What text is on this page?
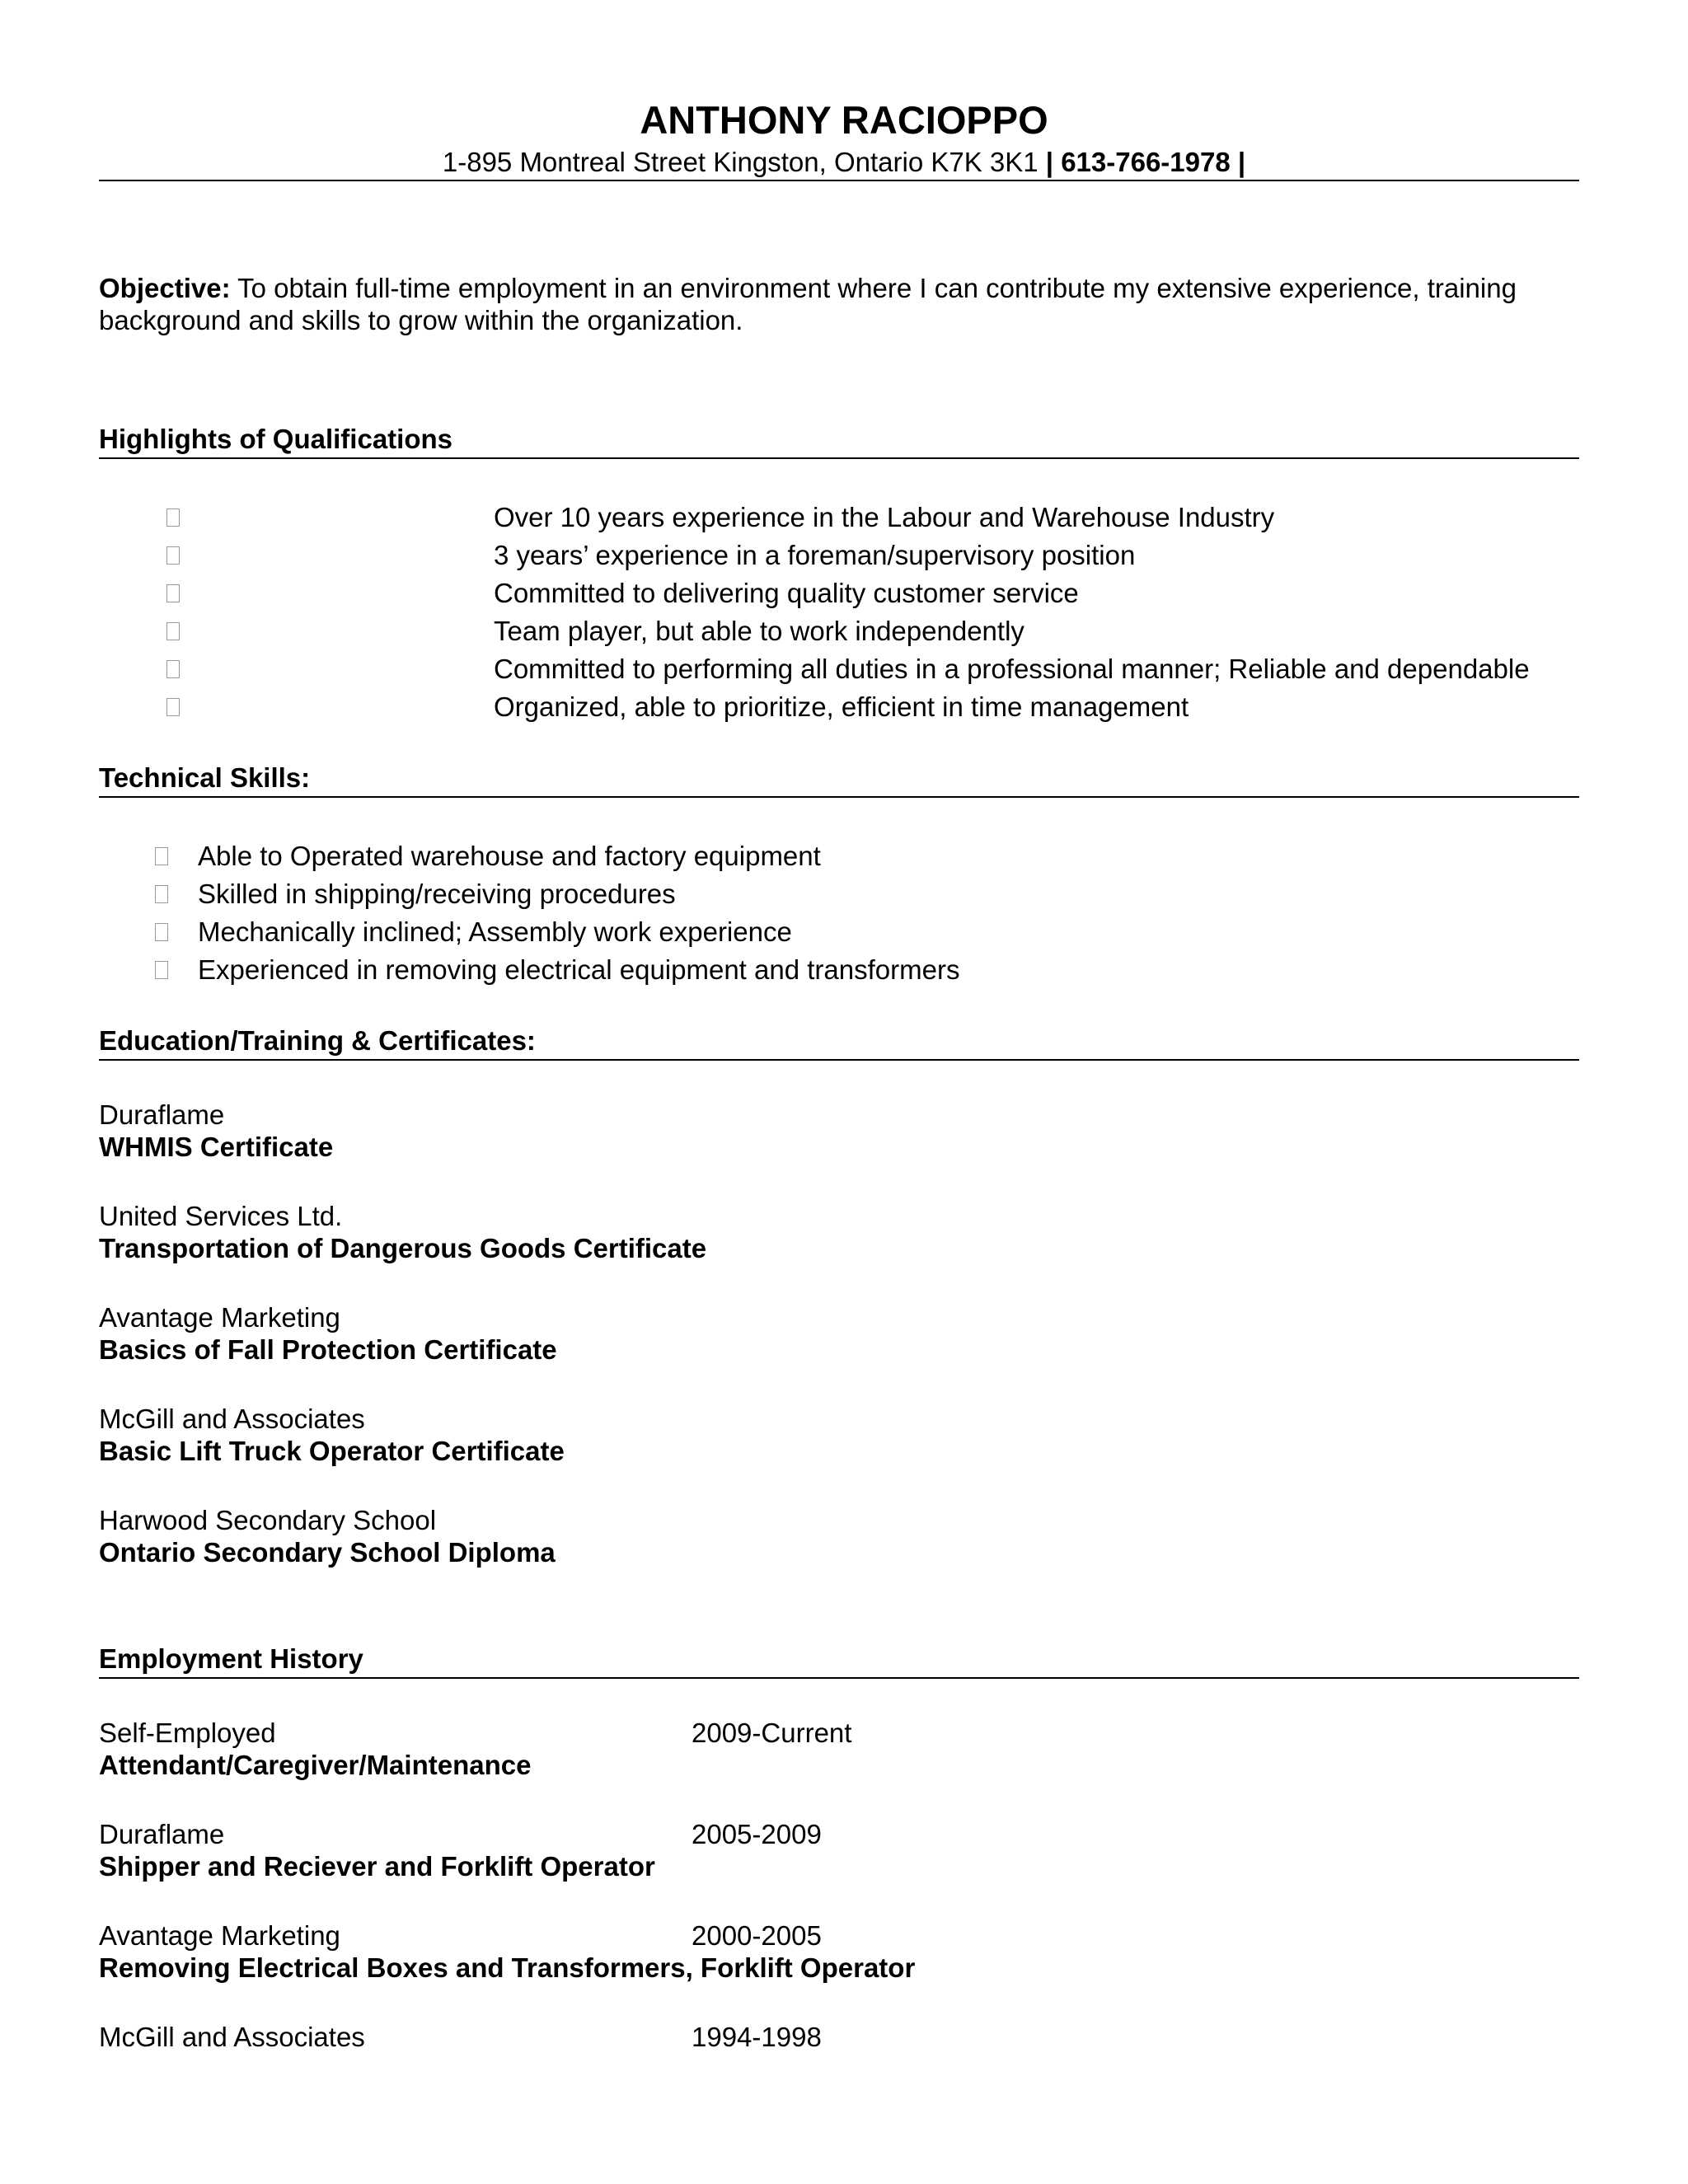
ANTHONY RACIOPPO
1-895 Montreal Street Kingston, Ontario K7K 3K1 | 613-766-1978 |
Objective: To obtain full-time employment in an environment where I can contribute my extensive experience, training background and skills to grow within the organization.
Highlights of Qualifications
Over 10 years experience in the Labour and Warehouse Industry
3 years’ experience in a foreman/supervisory position
Committed to delivering quality customer service
Team player, but able to work independently
Committed to performing all duties in a professional manner; Reliable and dependable
Organized, able to prioritize, efficient in time management
Technical Skills:
Able to Operated warehouse and factory equipment
Skilled in shipping/receiving procedures
Mechanically inclined; Assembly work experience
Experienced in removing electrical equipment and transformers
Education/Training & Certificates:
Duraflame
WHMIS Certificate
United Services Ltd.
Transportation of Dangerous Goods Certificate
Avantage Marketing
Basics of Fall Protection Certificate
McGill and Associates
Basic Lift Truck Operator Certificate
Harwood Secondary School
Ontario Secondary School Diploma
Employment History
Self-Employed	2009-Current
Attendant/Caregiver/Maintenance
Duraflame	2005-2009
Shipper and Reciever and Forklift Operator
Avantage Marketing	2000-2005
Removing Electrical Boxes and Transformers, Forklift Operator
McGill and Associates	1994-1998
